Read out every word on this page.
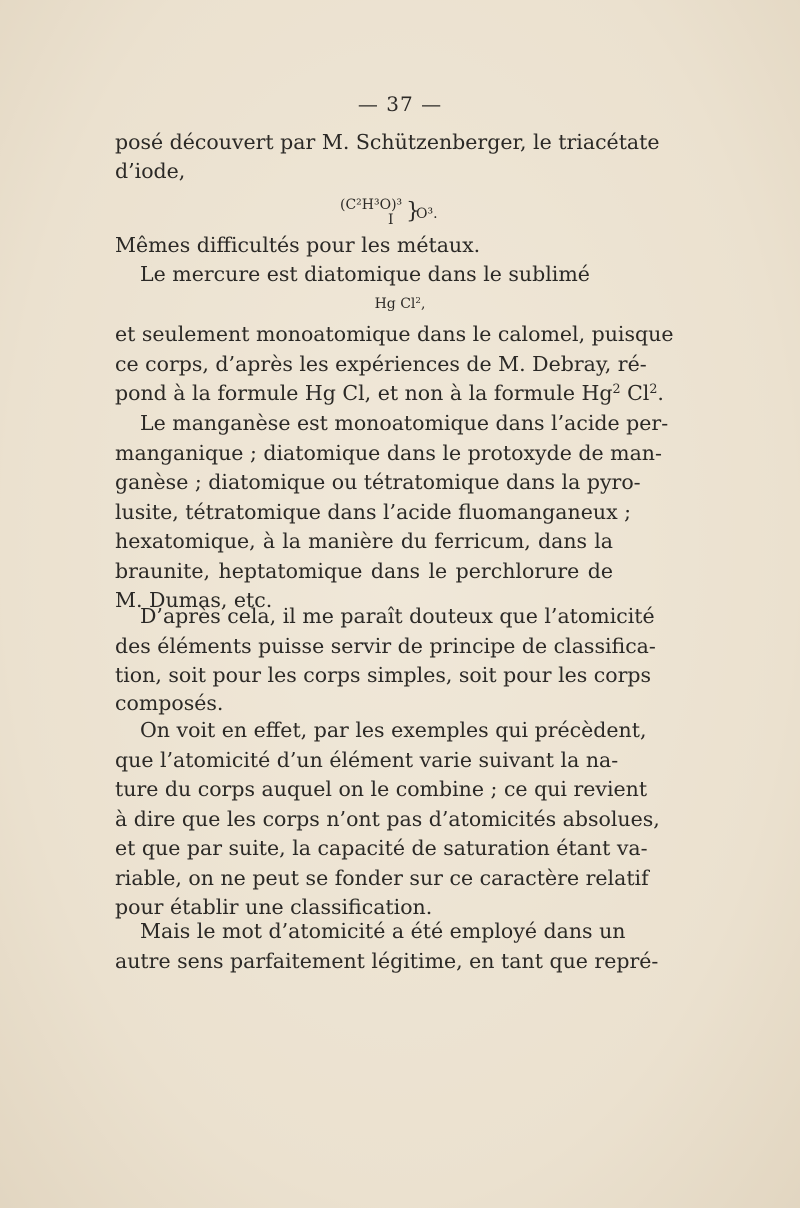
— 37 —
posé découvert par M. Schützenberger, le triacétate
d’iode,
(C²H³O)³
I }
O³.
Mêmes difficultés pour les métaux.
Le mercure est diatomique dans le sublimé
Hg Cl$^2$,
et seulement monoatomique dans le calomel, puisque
ce corps, d’après les expériences de M. Debray, ré-
pond à la formule Hg Cl, et non à la formule Hg$^2$ Cl$^2$.
Le manganèse est monoatomique dans l’acide per-
manganique ; diatomique dans le protoxyde de man-
ganèse ; diatomique ou tétratomique dans la pyro-
lusite, tétratomique dans l’acide fluomanganeux ;
hexatomique, à la manière du ferricum, dans la
braunite, heptatomique dans le perchlorure de
M. Dumas, etc.
D’après cela, il me paraît douteux que l’atomicité
des éléments puisse servir de principe de classifica-
tion, soit pour les corps simples, soit pour les corps
composés.
On voit en effet, par les exemples qui précèdent,
que l’atomicité d’un élément varie suivant la na-
ture du corps auquel on le combine ; ce qui revient
à dire que les corps n’ont pas d’atomicités absolues,
et que par suite, la capacité de saturation étant va-
riable, on ne peut se fonder sur ce caractère relatif
pour établir une classification.
Mais le mot d’atomicité a été employé dans un
autre sens parfaitement légitime, en tant que repré-
